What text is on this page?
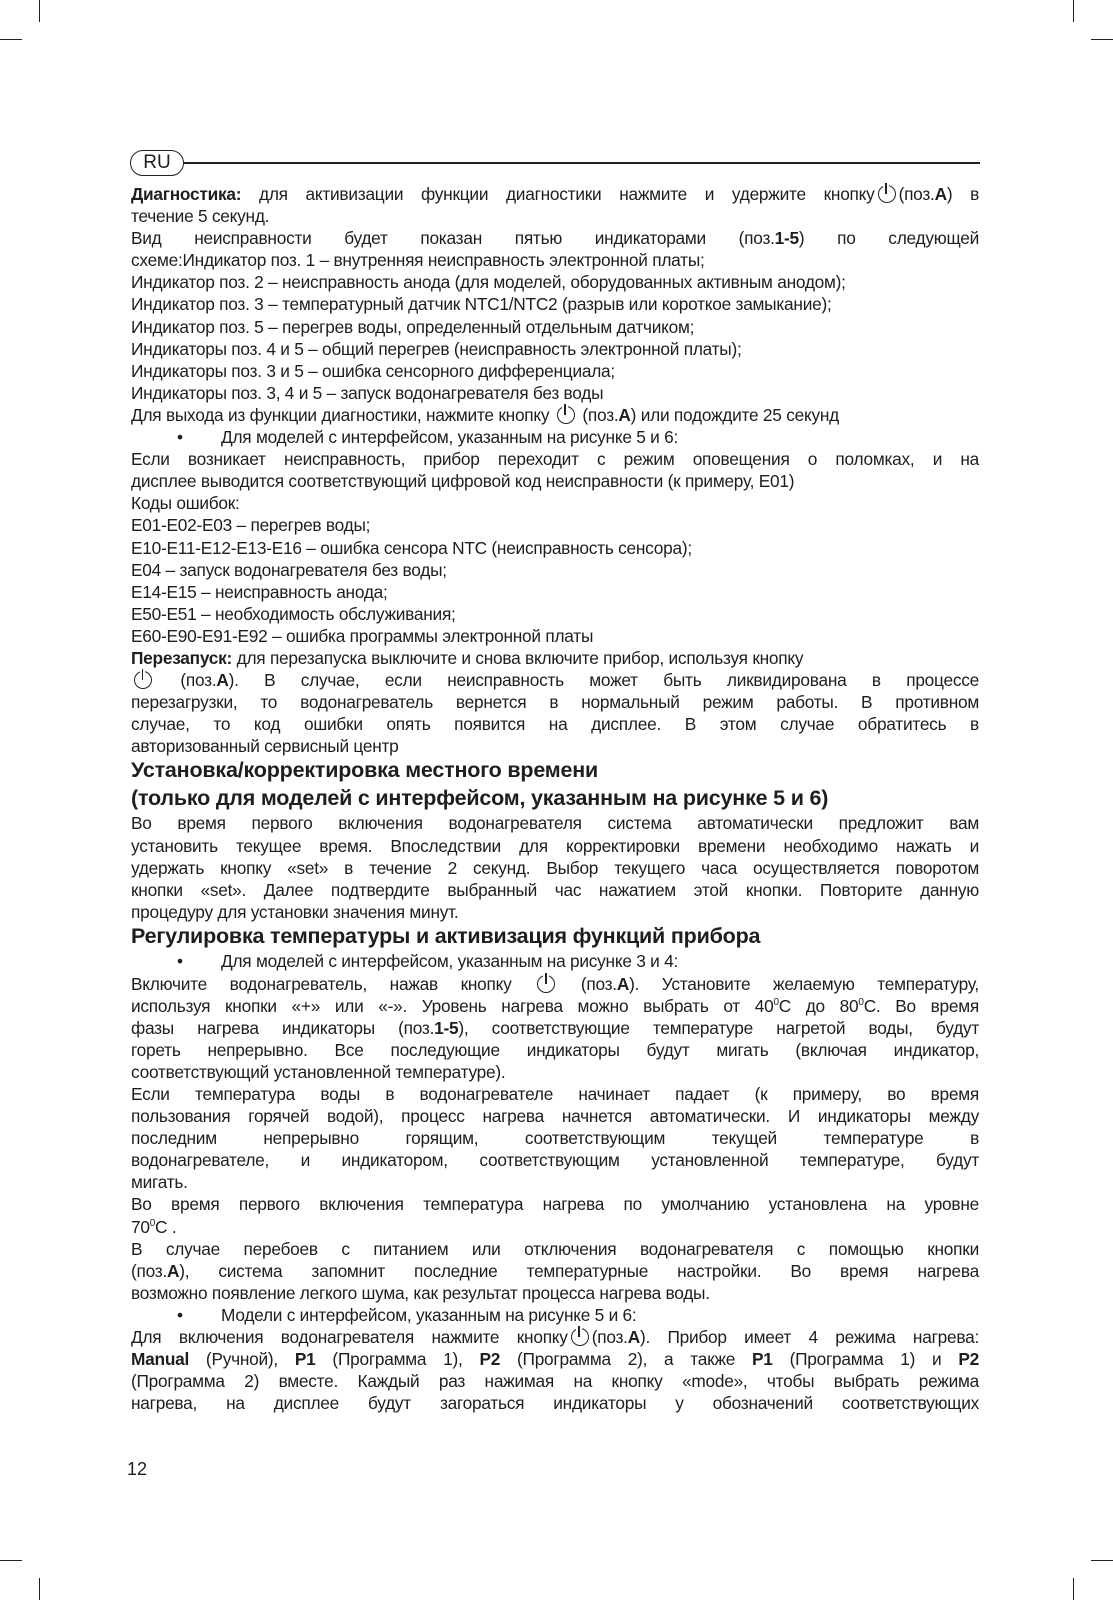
RU

Диагностика: для активизации функции диагностики нажмите и удержите кнопку (поз.A) в

течение 5 секунд.

Вид неисправности будет показан пятью индикаторами (поз.1-5) по следующей

схеме:Индикатор поз. 1 – внутренняя неисправность электронной платы;

Индикатор поз. 2 – неисправность анода (для моделей, оборудованных активным анодом);

Индикатор поз. 3 – температурный датчик NTC1/NTC2 (разрыв или короткое замыкание);

Индикатор поз. 5 – перегрев воды, определенный отдельным датчиком;

Индикаторы поз. 4 и 5 – общий перегрев (неисправность электронной платы);

Индикаторы поз. 3 и 5 – ошибка сенсорного дифференциала;

Индикаторы поз. 3, 4 и 5 – запуск водонагревателя без воды

Для выхода из функции диагностики, нажмите кнопку  (поз.A) или подождите 25 секунд

• Для моделей с интерфейсом, указанным на рисунке 5 и 6:

Если возникает неисправность, прибор переходит с режим оповещения о поломках, и на

дисплее выводится соответствующий цифровой код неисправности (к примеру, Е01)

Коды ошибок:

Е01-Е02-Е03 – перегрев воды;

Е10-Е11-Е12-Е13-Е16 – ошибка сенсора NTC (неисправность сенсора);

Е04 – запуск водонагревателя без воды;

Е14-Е15 – неисправность анода;

Е50-Е51 – необходимость обслуживания;

Е60-Е90-Е91-Е92 – ошибка программы электронной платы

Перезапуск: для перезапуска выключите и снова включите прибор, используя кнопку

(поз.A). В случае, если неисправность может быть ликвидирована в процессе

перезагрузки, то водонагреватель вернется в нормальный режим работы. В противном

случае, то код ошибки опять появится на дисплее. В этом случае обратитесь в

авторизованный сервисный центр

Установка/корректировка местного времени

(только для моделей с интерфейсом, указанным на рисунке 5 и 6)

Во время первого включения водонагревателя система автоматически предложит вам

установить текущее время. Впоследствии для корректировки времени необходимо нажать и

удержать кнопку «set» в течение 2 секунд. Выбор текущего часа осуществляется поворотом

кнопки «set». Далее подтвердите выбранный час нажатием этой кнопки. Повторите данную

процедуру для установки значения минут.

Регулировка температуры и активизация функций прибора

• Для моделей с интерфейсом, указанным на рисунке 3 и 4:

Включите водонагреватель, нажав кнопку  (поз.A). Установите желаемую температуру,

используя кнопки «+» или «-». Уровень нагрева можно выбрать от $40^0С$ до $80^0С$. Во время

фазы нагрева индикаторы (поз.1-5), соответствующие температуре нагретой воды, будут

гореть непрерывно. Все последующие индикаторы будут мигать (включая индикатор,

соответствующий установленной температуре).

Если температура воды в водонагревателе начинает падает (к примеру, во время

пользования горячей водой), процесс нагрева начнется автоматически. И индикаторы между

последним непрерывно горящим, соответствующим текущей температуре в

водонагревателе, и индикатором, соответствующим установленной температуре, будут

мигать.

Во время первого включения температура нагрева по умолчанию установлена на уровне

$70^0С$ .

В случае перебоев с питанием или отключения водонагревателя с помощью кнопки

(поз.A), система запомнит последние температурные настройки. Во время нагрева

возможно появление легкого шума, как результат процесса нагрева воды.

• Модели с интерфейсом, указанным на рисунке 5 и 6:

Для включения водонагревателя нажмите кнопку (поз.A). Прибор имеет 4 режима нагрева:

Manual (Ручной), P1 (Программа 1), P2 (Программа 2), а также P1 (Программа 1) и P2

(Программа 2) вместе. Каждый раз нажимая на кнопку «mode», чтобы выбрать режима

нагрева, на дисплее будут загораться индикаторы у обозначений соответствующих

12
